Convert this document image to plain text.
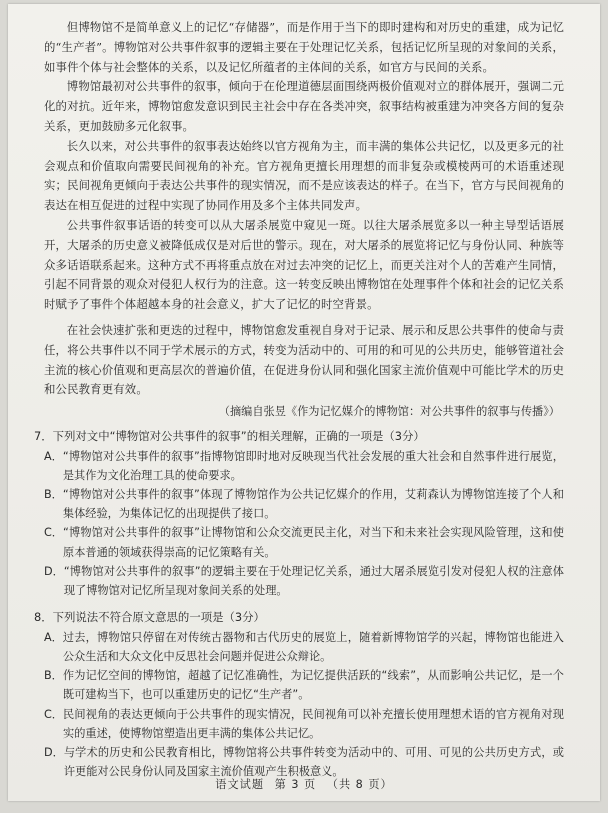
但博物馆不是简单意义上的记忆“存储器”，而是作用于当下的即时建构和对历史的重建，成为记忆的“生产者”。博物馆对公共事件叙事的逻辑主要在于处理记忆关系，包括记忆所呈现的对象间的关系，如事件个体与社会整体的关系，以及记忆所蕴者的主体间的关系，如官方与民间的关系。

博物馆最初对公共事件的叙事，倾向于在伦理道德层面围绕两极价值观对立的群体展开，强调二元化的对抗。近年来，博物馆愈发意识到民主社会中存在各类冲突，叙事结构被重建为冲突各方间的复杂关系，更加鼓励多元化叙事。

长久以来，对公共事件的叙事表达始终以官方视角为主，而丰满的集体公共记忆，以及更多元的社会观点和价值取向需要民间视角的补充。官方视角更擅长用理想的而非复杂或模棱两可的术语重述现实；民间视角更倾向于表达公共事件的现实情况，而不是应该表达的样子。在当下，官方与民间视角的表达在相互促进的过程中实现了协同作用及多个主体共同发声。

公共事件叙事话语的转变可以从大屠杀展览中窥见一斑。以往大屠杀展览多以一种主导型话语展开，大屠杀的历史意义被降低成仅是对后世的警示。现在，对大屠杀的展览将记忆与身份认同、种族等众多话语联系起来。这种方式不再将重点放在对过去冲突的记忆上，而更关注对个人的苦难产生同情，引起不同背景的观众对侵犯人权行为的注意。这一转变反映出博物馆在处理事件个体和社会的记忆关系时赋予了事件个体超越本身的社会意义，扩大了记忆的时空背景。

在社会快速扩张和更迭的过程中，博物馆愈发重视自身对于记录、展示和反思公共事件的使命与责任，将公共事件以不同于学术展示的方式，转变为活动中的、可用的和可见的公共历史，能够管道社会主流的核心价值观和更高层次的普遍价值，在促进身份认同和强化国家主流价值观中可能比学术的历史和公民教育更有效。

（摘编自张昱《作为记忆媒介的博物馆：对公共事件的叙事与传播》）

7．下列对文中“博物馆对公共事件的叙事”的相关理解，正确的一项是（3分）

A． “博物馆对公共事件的叙事”指博物馆即时地对反映现当代社会发展的重大社会和自然事件进行展览，是其作为文化治理工具的使命要求。
B． “博物馆对公共事件的叙事”体现了博物馆作为公共记忆媒介的作用，艾莉森认为博物馆连接了个人和集体经验，为集体记忆的出现提供了接口。
C． “博物馆对公共事件的叙事”让博物馆和公众交流更民主化，对当下和未来社会实现风险管理，这和使原本普通的领域获得崇高的记忆策略有关。
D． “博物馆对公共事件的叙事”的逻辑主要在于处理记忆关系，通过大屠杀展览引发对侵犯人权的注意体现了博物馆对记忆所呈现对象间关系的处理。

8．下列说法不符合原文意思的一项是（3分）

A． 过去，博物馆只停留在对传统古器物和古代历史的展览上，随着新博物馆学的兴起，博物馆也能进入公众生活和大众文化中反思社会问题并促进公众辩论。
B． 作为记忆空间的博物馆，超越了记忆准确性，为记忆提供活跃的“线索”，从而影响公共记忆，是一个既可建构当下，也可以重建历史的记忆“生产者”。
C． 民间视角的表达更倾向于公共事件的现实情况，民间视角可以补充擅长使用理想术语的官方视角对现实的重述，使博物馆塑造出更丰满的集体公共记忆。
D． 与学术的历史和公民教育相比，博物馆将公共事件转变为活动中的、可用、可见的公共历史方式，或许更能对公民身份认同及国家主流价值观产生积极意义。
语文试题 第 3 页 （共 8 页）
